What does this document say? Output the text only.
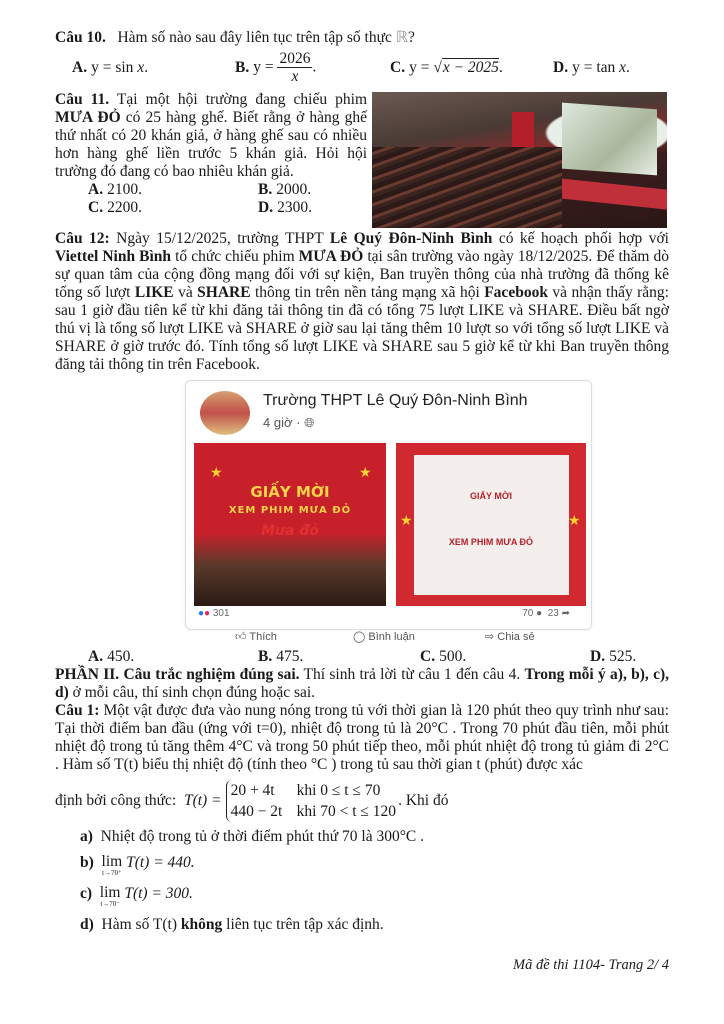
Câu 10. Hàm số nào sau đây liên tục trên tập số thực ℝ?
A. y = sin x.	B. $y = \frac{2026}{x}$ .	C. y = √x − 2025.	D. y = tan x.
Câu 11. Tại một hội trường đang chiếu phim MƯA ĐỎ có 25 hàng ghế. Biết rằng ở hàng ghế thứ nhất có 20 khán giả, ở hàng ghế sau có nhiều hơn hàng ghế liền trước 5 khán giả. Hỏi hội trường đó đang có bao nhiêu khán giả.
A. 2100.	B. 2000.
C. 2200.	D. 2300.
Câu 12: Ngày 15/12/2025, trường THPT Lê Quý Đôn-Ninh Bình có kế hoạch phối hợp với Viettel Ninh Bình tổ chức chiếu phim MƯA ĐỎ tại sân trường vào ngày 18/12/2025. Để thăm dò sự quan tâm của cộng đồng mạng đối với sự kiện, Ban truyền thông của nhà trường đã thống kê tổng số lượt LIKE và SHARE thông tin trên nền tảng mạng xã hội Facebook và nhận thấy rằng: sau 1 giờ đầu tiên kể từ khi đăng tải thông tin đã có tổng 75 lượt LIKE và SHARE. Điều bất ngờ thú vị là tổng số lượt LIKE và SHARE ở giờ sau lại tăng thêm 10 lượt so với tổng số lượt LIKE và SHARE ở giờ trước đó. Tính tổng số lượt LIKE và SHARE sau 5 giờ kể từ khi Ban truyền thông đăng tải thông tin trên Facebook.
Trường THPT Lê Quý Đôn-Ninh Bình
4 giờ · 🌐︎
★	★
GIẤY MỜI
XEM PHIM MƯA ĐỎ
Mưa đỏ
★	★
GIẤY MỜI
XEM PHIM MƯA ĐỎ
●● 301	70 ● 23 ➦
👍︎ Thích	◯ Bình luận	⇨ Chia sẻ
A. 450.	B. 475.	C. 500.	D. 525.
PHẦN II. Câu trắc nghiệm đúng sai. Thí sinh trả lời từ câu 1 đến câu 4. Trong mỗi ý a), b), c), d) ở mỗi câu, thí sinh chọn đúng hoặc sai.
Câu 1: Một vật được đưa vào nung nóng trong tủ với thời gian là 120 phút theo quy trình như sau: Tại thời điểm ban đầu (ứng với t=0), nhiệt độ trong tủ là 20°C . Trong 70 phút đầu tiên, mỗi phút nhiệt độ trong tủ tăng thêm 4°C và trong 50 phút tiếp theo, mỗi phút nhiệt độ trong tủ giảm đi 2°C . Hàm số T(t) biểu thị nhiệt độ (tính theo °C ) trong tủ sau thời gian t (phút) được xác
định bởi công thức:
T(t) =
20 + 4t khi 0 ≤ t ≤ 70
440 − 2t khi 70 < t ≤ 120
. Khi đó
a) Nhiệt độ trong tủ ở thời điểm phút thứ 70 là 300°C .
b) lim
t→70⁺
T(t) = 440.
c) lim
t→70⁻
T(t) = 300.
d) Hàm số T(t) không liên tục trên tập xác định.
Mã đề thi 1104- Trang 2/ 4
